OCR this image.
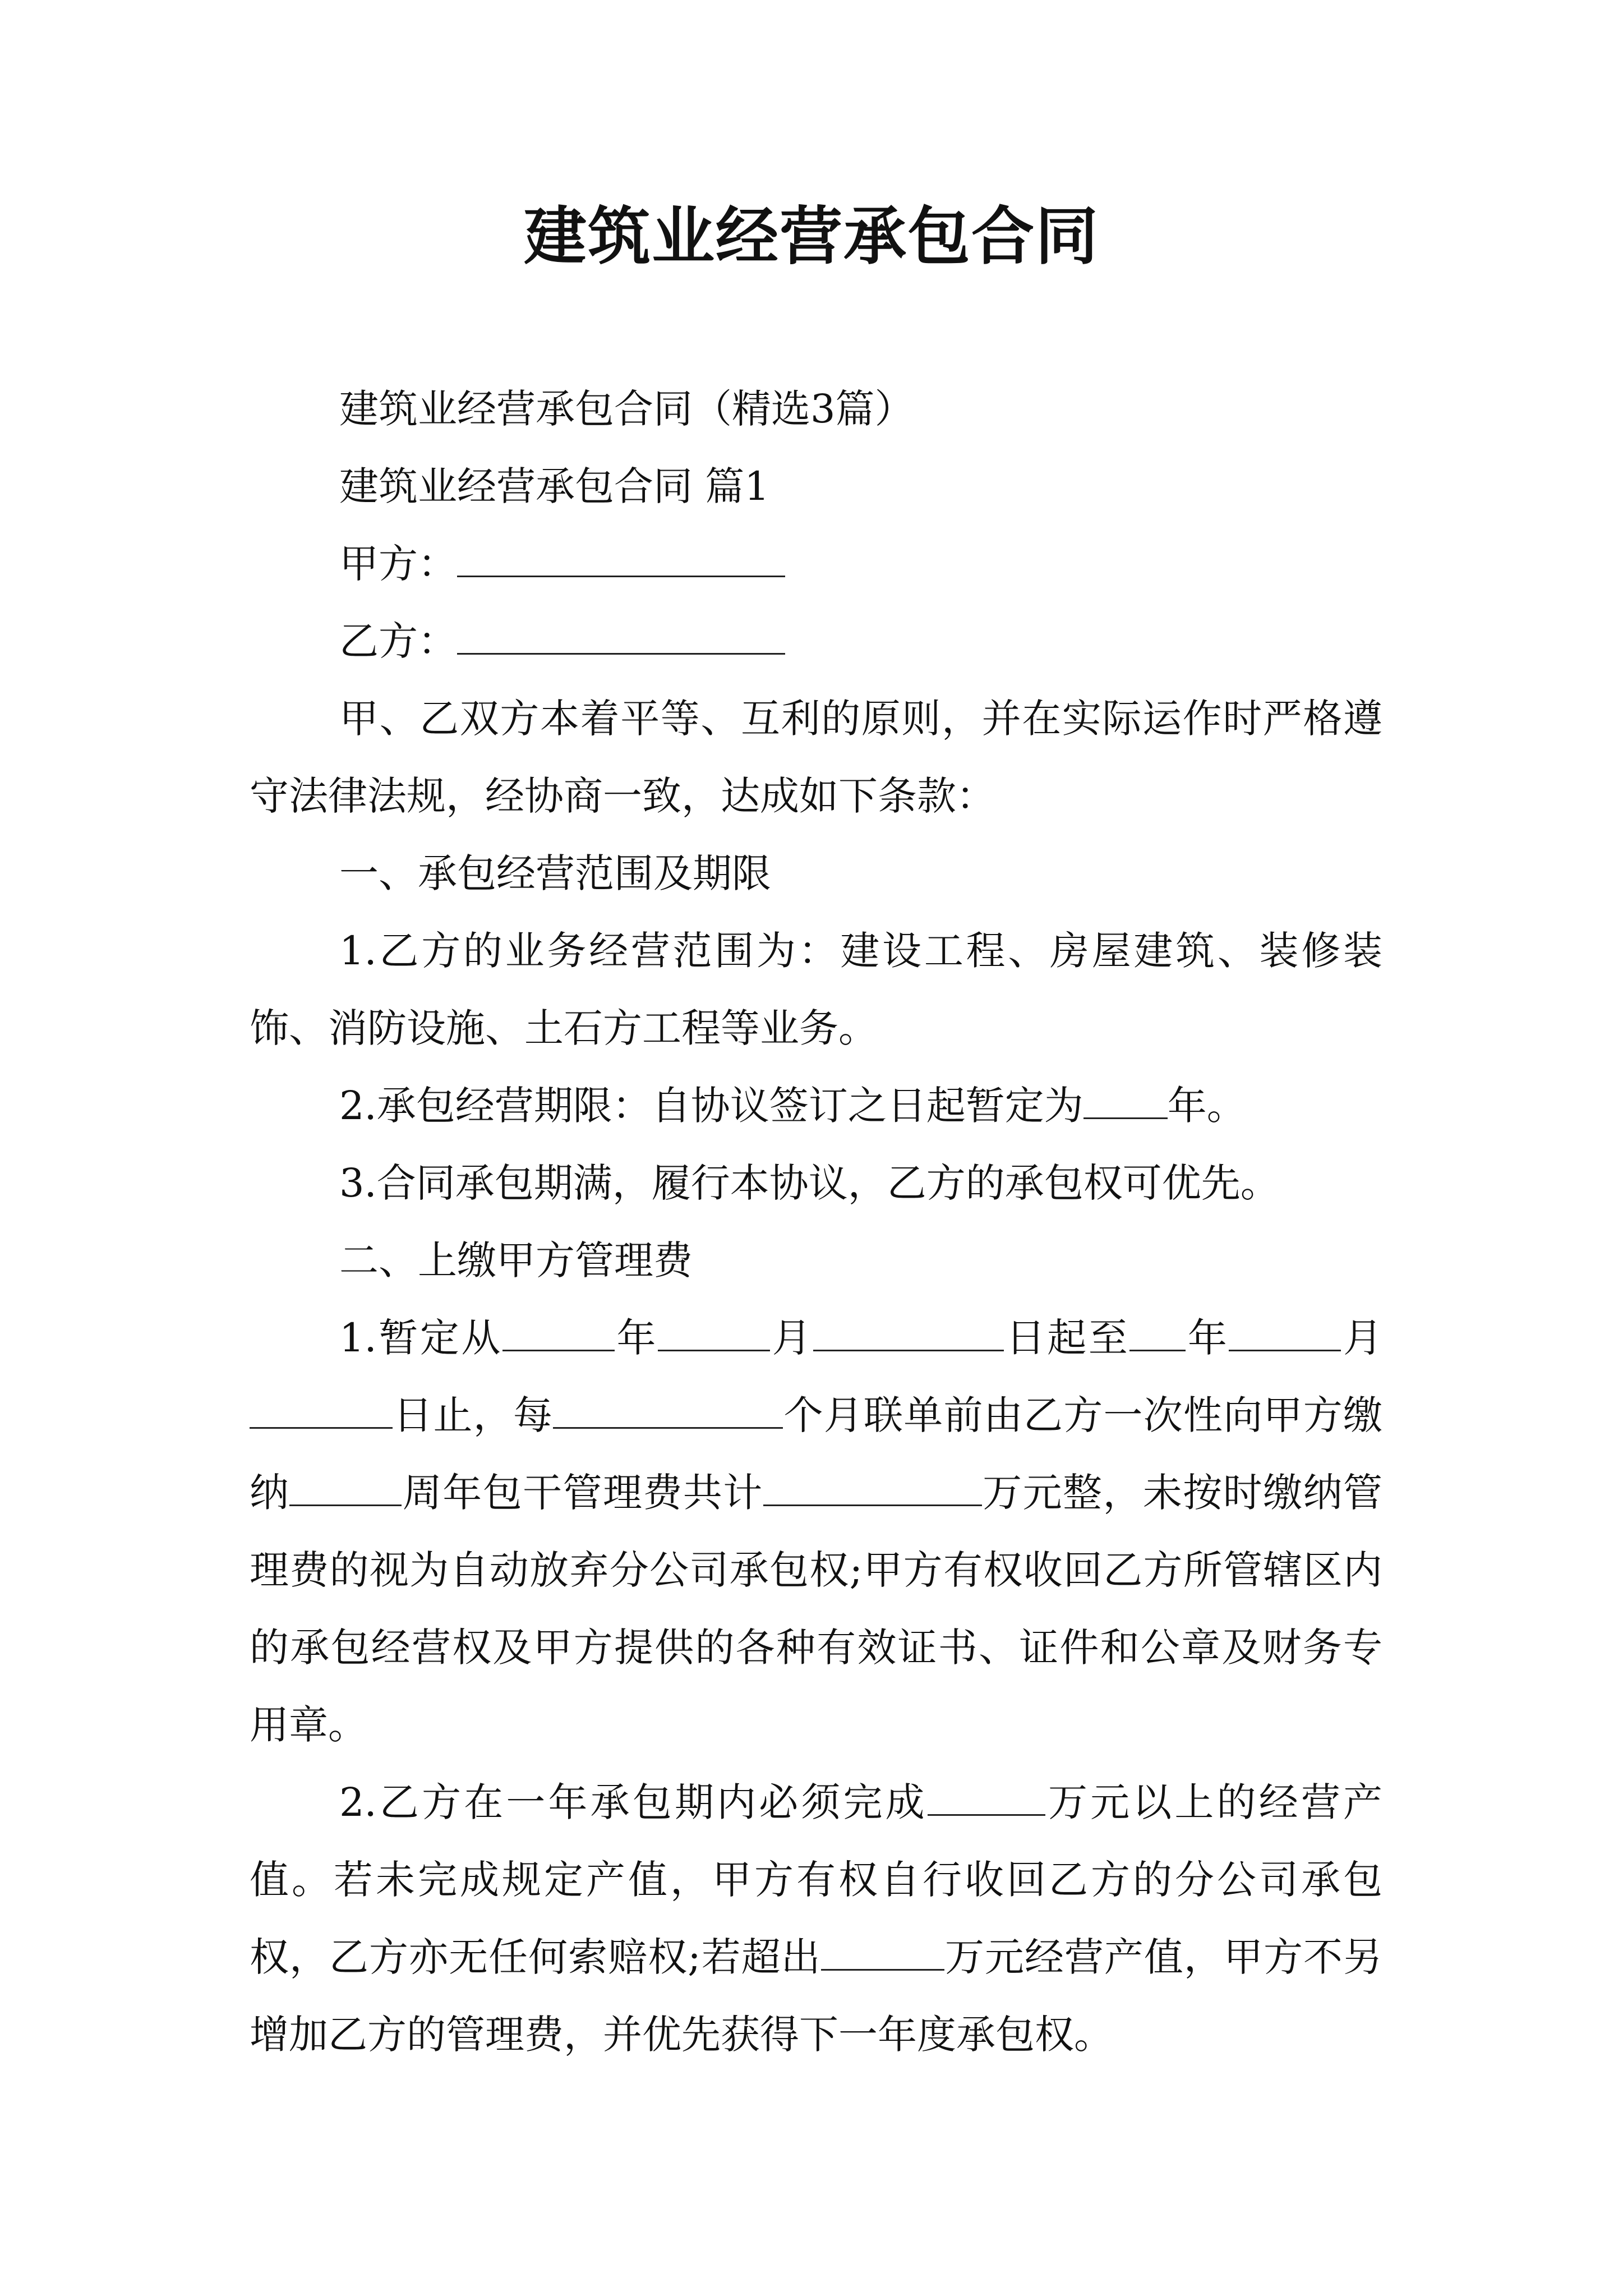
建筑业经营承包合同

建筑业经营承包合同（精选3篇）

建筑业经营承包合同 篇1

甲方：

乙方：

甲、乙双方本着平等、互利的原则，并在实际运作时严格遵守法律法规，经协商一致，达成如下条款：

一、承包经营范围及期限

1.乙方的业务经营范围为：建设工程、房屋建筑、装修装饰、消防设施、土石方工程等业务。

2.承包经营期限：自协议签订之日起暂定为 年。

3.合同承包期满，履行本协议，乙方的承包权可优先。

二、上缴甲方管理费

1.暂定从	年	月	日起至 年	月日止，每	个月联单前由乙方一次性向甲方缴纳	周年包干管理费共计	万元整，未按时缴纳管理费的视为自动放弃分公司承包权;甲方有权收回乙方所管辖区内的承包经营权及甲方提供的各种有效证书、证件和公章及财务专用章。

2.乙方在一年承包期内必须完成	万元以上的经营产值。若未完成规定产值，甲方有权自行收回乙方的分公司承包权，乙方亦无任何索赔权;若超出	万元经营产值，甲方不另增加乙方的管理费，并优先获得下一年度承包权。
